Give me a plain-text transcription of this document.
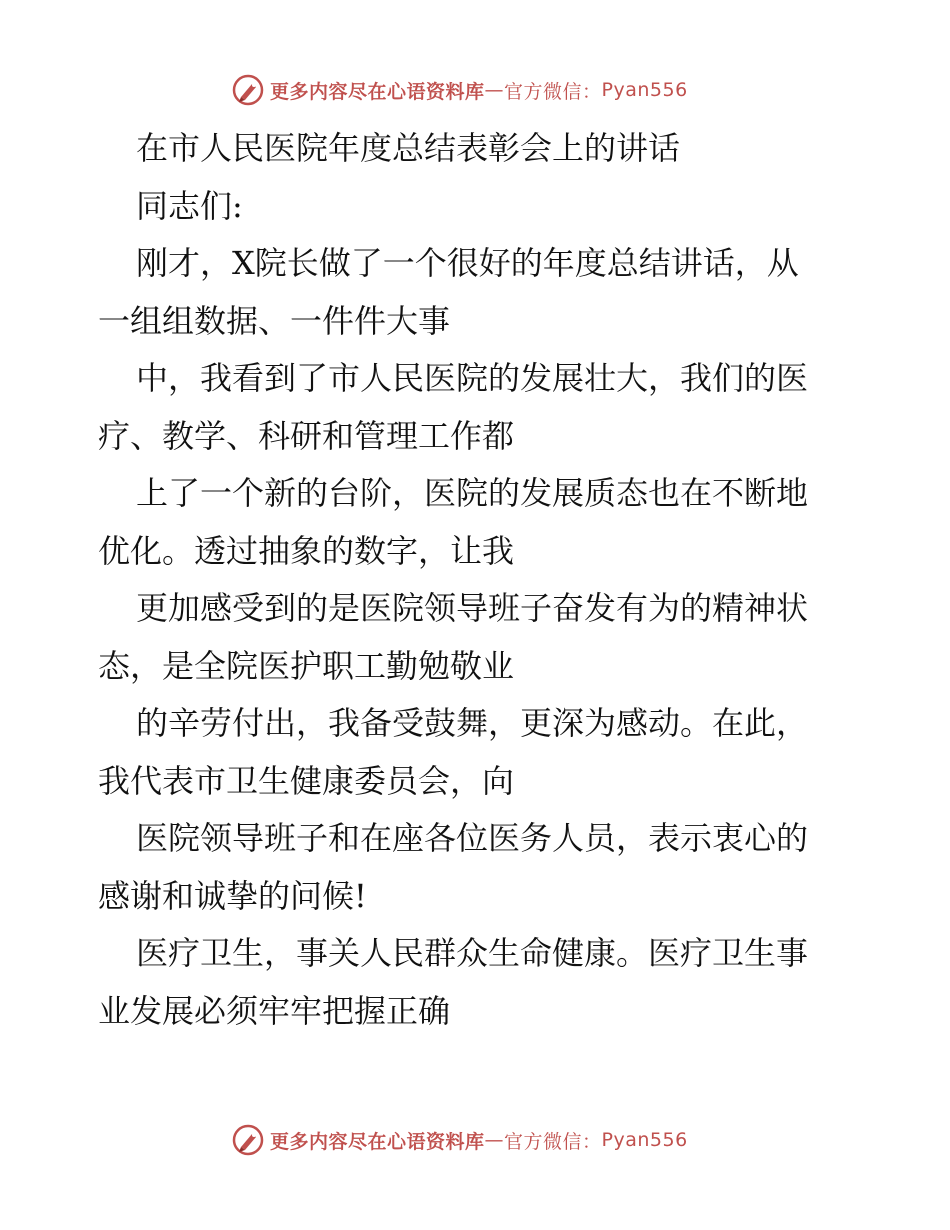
更多内容尽在心语资料库 — 官方微信： Pyan556
在市人民医院年度总结表彰会上的讲话
同志们:
刚才，X院长做了一个很好的年度总结讲话，从
一组组数据、一件件大事
中，我看到了市人民医院的发展壮大，我们的医
疗、教学、科研和管理工作都
上了一个新的台阶，医院的发展质态也在不断地
优化。透过抽象的数字，让我
更加感受到的是医院领导班子奋发有为的精神状
态，是全院医护职工勤勉敬业
的辛劳付出，我备受鼓舞，更深为感动。在此，
我代表市卫生健康委员会，向
医院领导班子和在座各位医务人员，表示衷心的
感谢和诚挚的问候!
医疗卫生，事关人民群众生命健康。医疗卫生事
业发展必须牢牢把握正确
更多内容尽在心语资料库 — 官方微信： Pyan556
